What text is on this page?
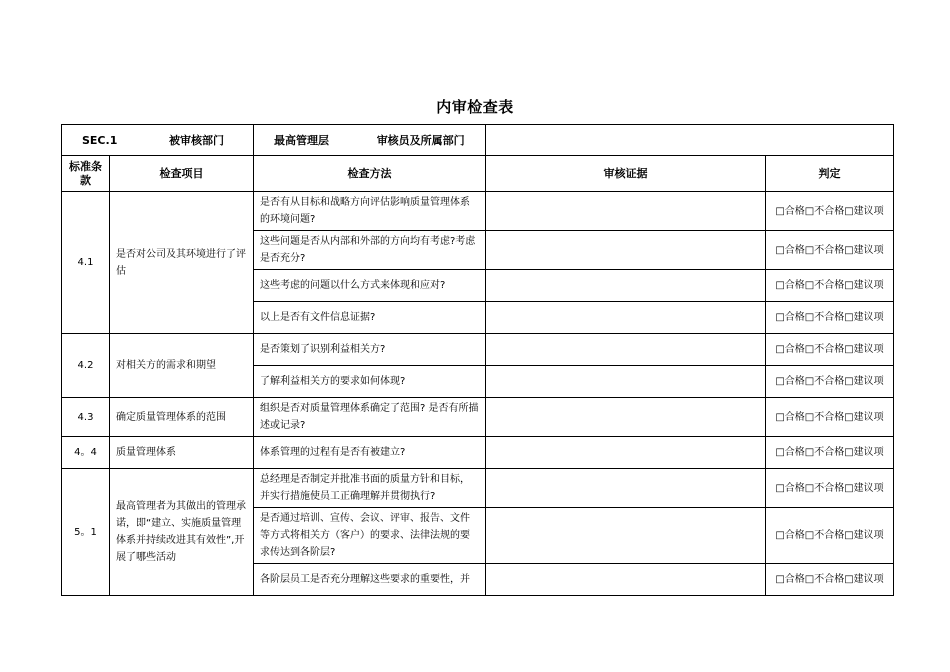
内审检查表
SEC.1 被审核部门		最高管理层 审核员及所属部门		
标准条款	检查项目	检查方法	审核证据	判定
4.1	是否对公司及其环境进行了评估	是否有从目标和战略方向评估影响质量管理体系的环境问题?		□合格□不合格□建议项
		这些问题是否从内部和外部的方向均有考虑?考虑是否充分?		□合格□不合格□建议项
		这些考虑的问题以什么方式来体现和应对?		□合格□不合格□建议项
		以上是否有文件信息证据?		□合格□不合格□建议项
4.2	对相关方的需求和期望	是否策划了识别利益相关方?		□合格□不合格□建议项
		了解利益相关方的要求如何体现?		□合格□不合格□建议项
4.3	确定质量管理体系的范围	组织是否对质量管理体系确定了范围? 是否有所描述或记录?		□合格□不合格□建议项
4。4	质量管理体系	体系管理的过程有是否有被建立?		□合格□不合格□建议项
5。1	最高管理者为其做出的管理承诺，即“建立、实施质量管理体系并持续改进其有效性”,开展了哪些活动	总经理是否制定并批准书面的质量方针和目标，并实行措施使员工正确理解并贯彻执行?		□合格□不合格□建议项
		是否通过培训、宣传、会议、评审、报告、文件等方式将相关方（客户）的要求、法律法规的要求传达到各阶层?		□合格□不合格□建议项
		各阶层员工是否充分理解这些要求的重要性，并		□合格□不合格□建议项
